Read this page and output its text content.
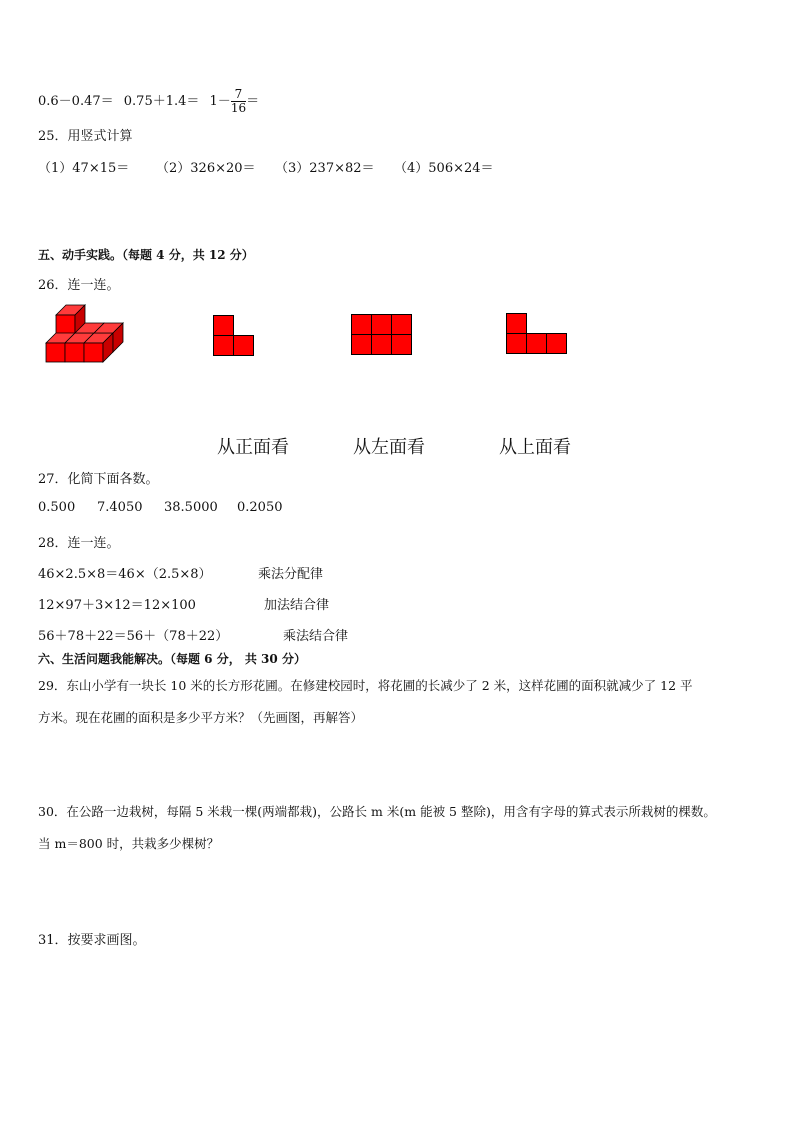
$0.6-0.47= 0.75+1.4= 1- \frac{7}{16}$ ＝
25．用竖式计算
（1）47×15＝ （2）326×20＝ （3）237×82＝ （4）506×24＝
五、动手实践。（每题 4 分，共 12 分）
26．连一连。
从正面看	从左面看	从上面看
27．化简下面各数。
0.500 7.4050 38.5000 0.2050
28．连一连。
46×2.5×8＝46×（2.5×8）	乘法分配律
12×97＋3×12＝12×100	加法结合律
56＋78＋22＝56＋（78＋22）	乘法结合律
六、生活问题我能解决。（每题 6 分， 共 30 分）
29．东山小学有一块长 10 米的长方形花圃。在修建校园时，将花圃的长减少了 2 米，这样花圃的面积就减少了 12 平
方米。现在花圃的面积是多少平方米？（先画图，再解答）
30．在公路一边栽树，每隔 5 米栽一棵(两端都栽)，公路长 m 米(m 能被 5 整除)，用含有字母的算式表示所栽树的棵数。
当 m＝800 时，共栽多少棵树？
31．按要求画图。
